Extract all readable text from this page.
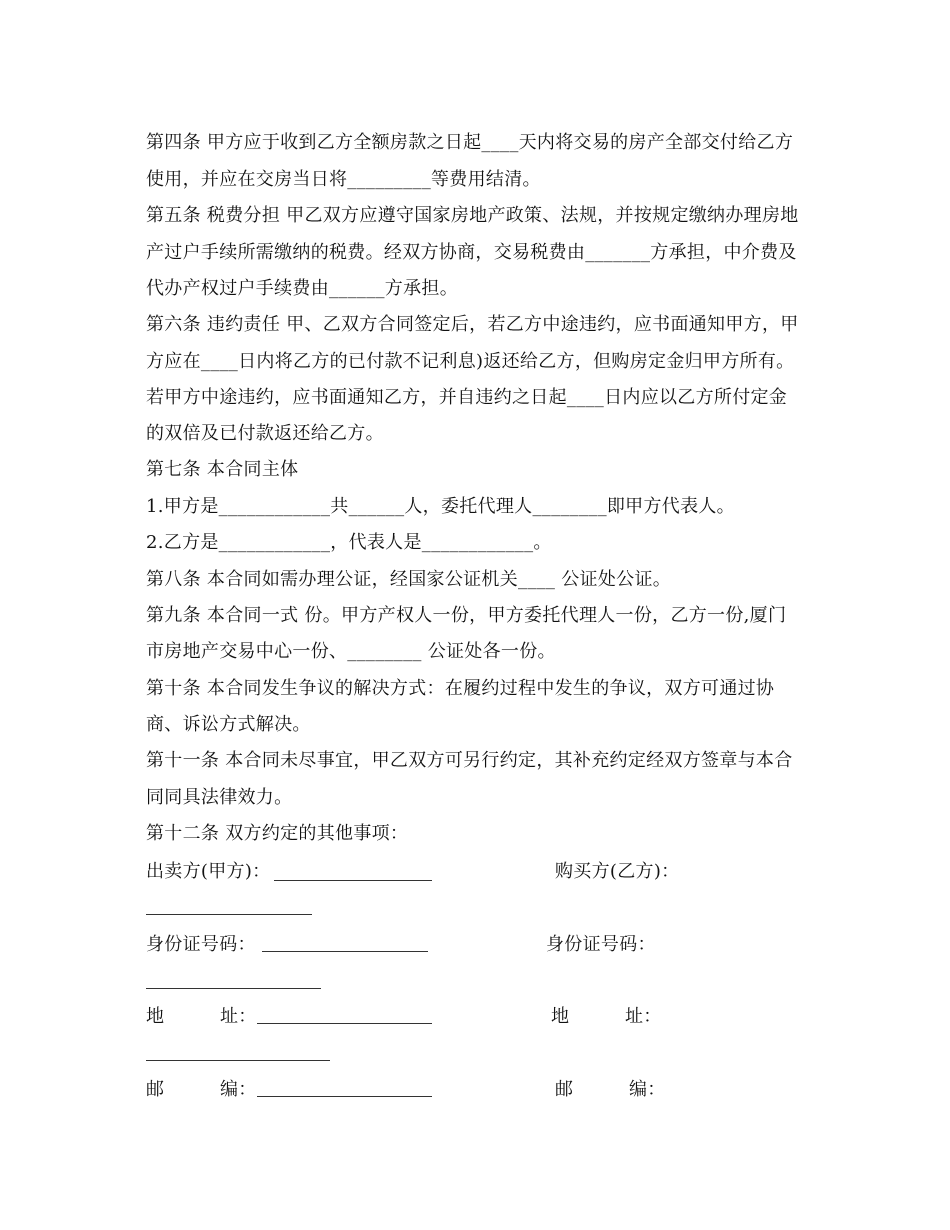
第四条 甲方应于收到乙方全额房款之日起____天内将交易的房产全部交付给乙方
使用，并应在交房当日将_________等费用结清。
第五条 税费分担 甲乙双方应遵守国家房地产政策、法规，并按规定缴纳办理房地
产过户手续所需缴纳的税费。经双方协商，交易税费由_______方承担，中介费及
代办产权过户手续费由______方承担。
第六条 违约责任 甲、乙双方合同签定后，若乙方中途违约，应书面通知甲方，甲
方应在____日内将乙方的已付款不记利息)返还给乙方，但购房定金归甲方所有。
若甲方中途违约，应书面通知乙方，并自违约之日起____日内应以乙方所付定金
的双倍及已付款返还给乙方。
第七条 本合同主体
1.甲方是____________共______人，委托代理人________即甲方代表人。
2.乙方是____________，代表人是____________。
第八条 本合同如需办理公证，经国家公证机关____ 公证处公证。
第九条 本合同一式 份。甲方产权人一份，甲方委托代理人一份，乙方一份,厦门
市房地产交易中心一份、________ 公证处各一份。
第十条 本合同发生争议的解决方式：在履约过程中发生的争议，双方可通过协
商、诉讼方式解决。
第十一条 本合同未尽事宜，甲乙双方可另行约定，其补充约定经双方签章与本合
同同具法律效力。
第十二条 双方约定的其他事项：
出卖方(甲方)：	购买方(乙方)：
身份证号码：	身份证号码：
地	址：	地	址：
邮	编：	邮	编：
